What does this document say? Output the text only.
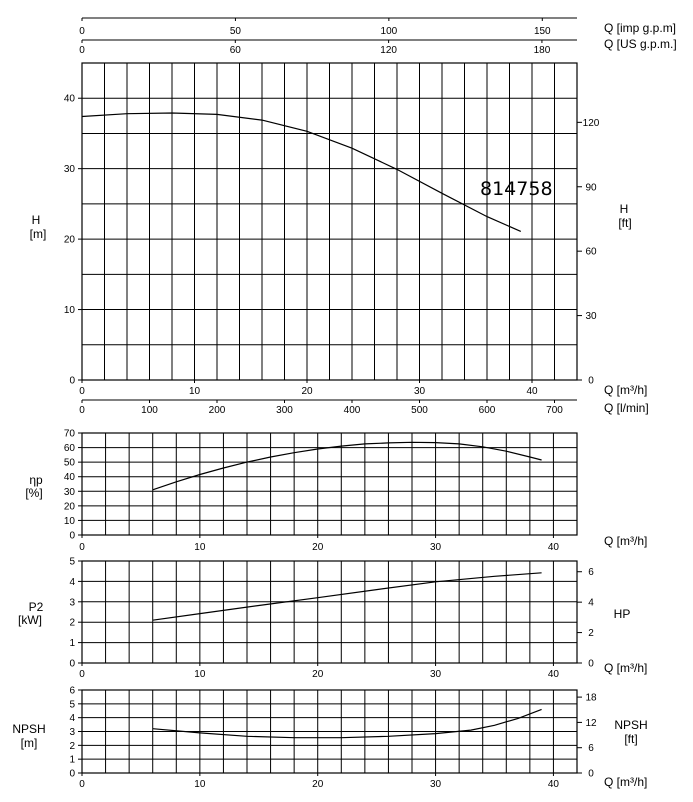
0	10	20	30	40
0
10
20
30
40
0
30
60
90
120
0	100	200	300	400	500	600	700
0	50	100	150
0	60	120	180
Q [imp g.p.m]
Q [US g.p.m.]
Q [m³/h]
Q [l/min]
H
[m]
H
[ft]
814758
0	10	20	30	40
0
10
20
30
40
50
60
70
Q [m³/h]
ηp
[%]
0	10	20	30	40
0
1
2
3
4
5
0
2
4
6
Q [m³/h]
P2
[kW]	HP
0	10	20	30	40
0
1
2
3
4
5
6
0
6
12
18
Q [m³/h]
NPSH
[m]
NPSH
[ft]
